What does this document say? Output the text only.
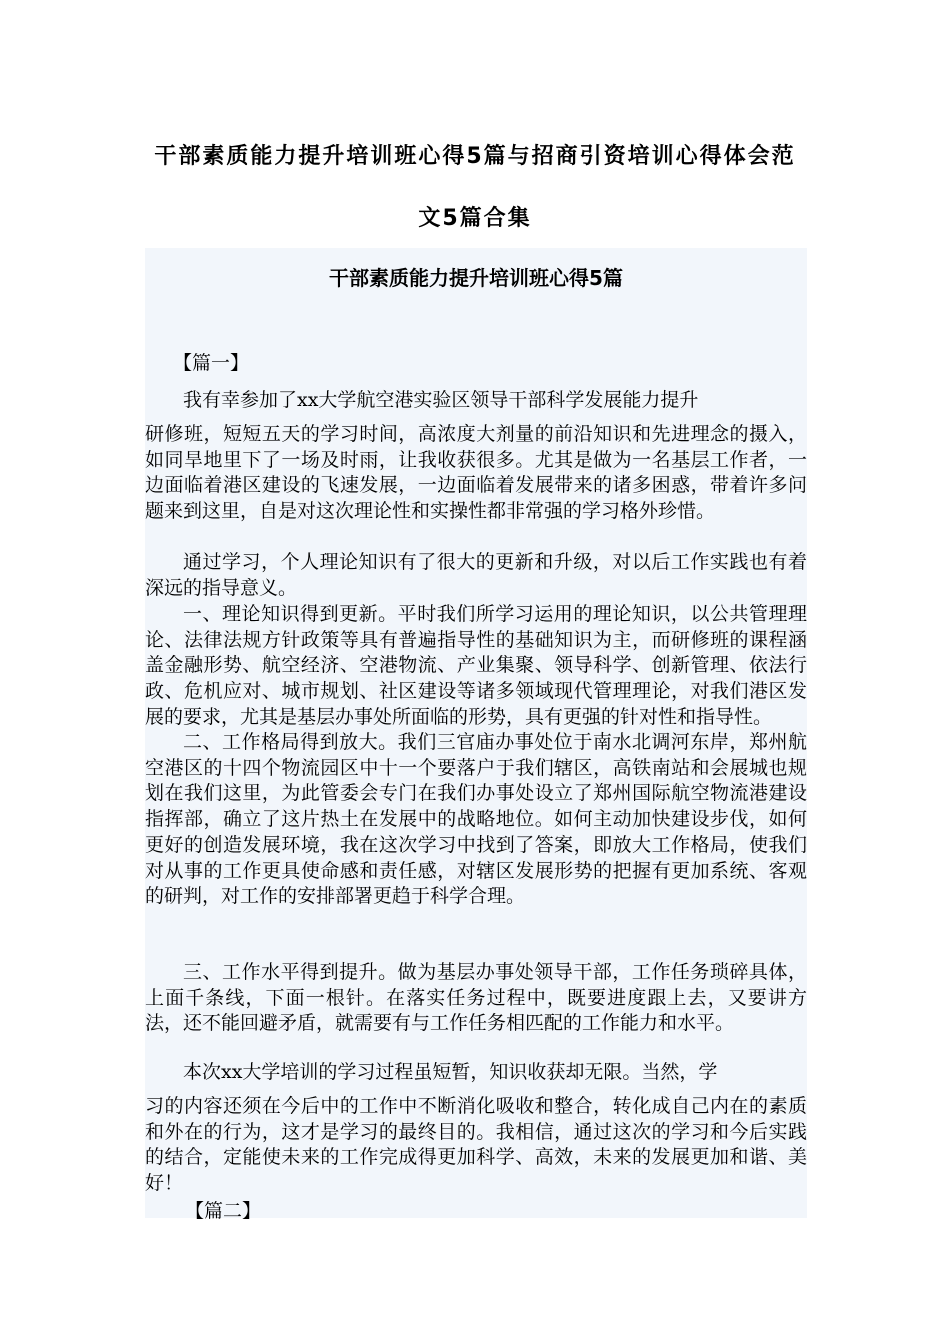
干部素质能力提升培训班心得5篇与招商引资培训心得体会范
文5篇合集
干部素质能力提升培训班心得5篇

【篇一】

我有幸参加了xx大学航空港实验区领导干部科学发展能力提升

研修班，短短五天的学习时间，高浓度大剂量的前沿知识和先进理念的摄入，如同旱地里下了一场及时雨，让我收获很多。尤其是做为一名基层工作者，一边面临着港区建设的飞速发展，一边面临着发展带来的诸多困惑，带着许多问题来到这里，自是对这次理论性和实操性都非常强的学习格外珍惜。

通过学习，个人理论知识有了很大的更新和升级，对以后工作实践也有着深远的指导意义。

一、理论知识得到更新。平时我们所学习运用的理论知识，以公共管理理论、法律法规方针政策等具有普遍指导性的基础知识为主，而研修班的课程涵盖金融形势、航空经济、空港物流、产业集聚、领导科学、创新管理、依法行政、危机应对、城市规划、社区建设等诸多领域现代管理理论，对我们港区发展的要求，尤其是基层办事处所面临的形势，具有更强的针对性和指导性。

二、工作格局得到放大。我们三官庙办事处位于南水北调河东岸，郑州航空港区的十四个物流园区中十一个要落户于我们辖区，高铁南站和会展城也规划在我们这里，为此管委会专门在我们办事处设立了郑州国际航空物流港建设指挥部，确立了这片热土在发展中的战略地位。如何主动加快建设步伐，如何更好的创造发展环境，我在这次学习中找到了答案，即放大工作格局，使我们对从事的工作更具使命感和责任感，对辖区发展形势的把握有更加系统、客观的研判，对工作的安排部署更趋于科学合理。

三、工作水平得到提升。做为基层办事处领导干部，工作任务琐碎具体，上面千条线，下面一根针。在落实任务过程中，既要进度跟上去，又要讲方法，还不能回避矛盾，就需要有与工作任务相匹配的工作能力和水平。

本次xx大学培训的学习过程虽短暂，知识收获却无限。当然，学

习的内容还须在今后中的工作中不断消化吸收和整合，转化成自己内在的素质和外在的行为，这才是学习的最终目的。我相信，通过这次的学习和今后实践的结合，定能使未来的工作完成得更加科学、高效，未来的发展更加和谐、美好！

【篇二】
